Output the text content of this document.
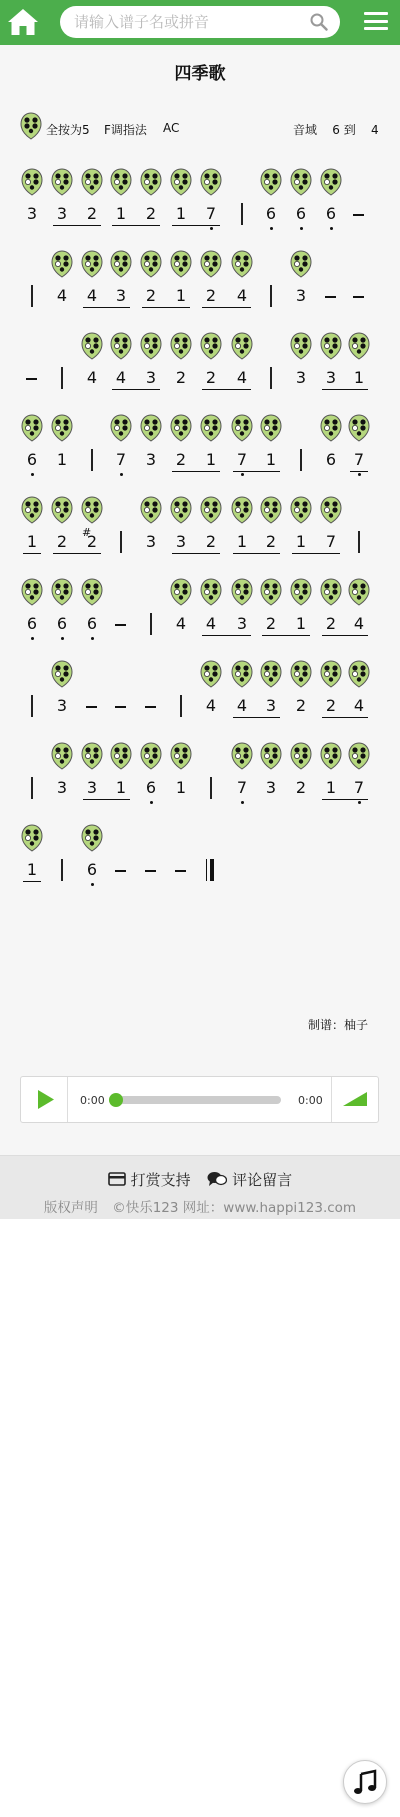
请输入谱子名或拼音
四季歌
全按为5 F调指法 AC	音域 6 到 4
3 3 2 1 2 1 7	6 6 6
4 4 3 2 1 2 4	3
4 4 3 2 2 4	3 3 1
6 1	7 3 2 1 7 1	6 7
1 2 #
2	3 3 2 1 2 1 7
6 6 6	4 4 3 2 1 2 4
3	4 4 3 2 2 4
3 3 1 6 1	7 3 2 1 7
1	6
制谱：柚子
0:00	0:00
打赏支持	评论留言
版权声明 ©快乐123 网址：www.happi123.com
